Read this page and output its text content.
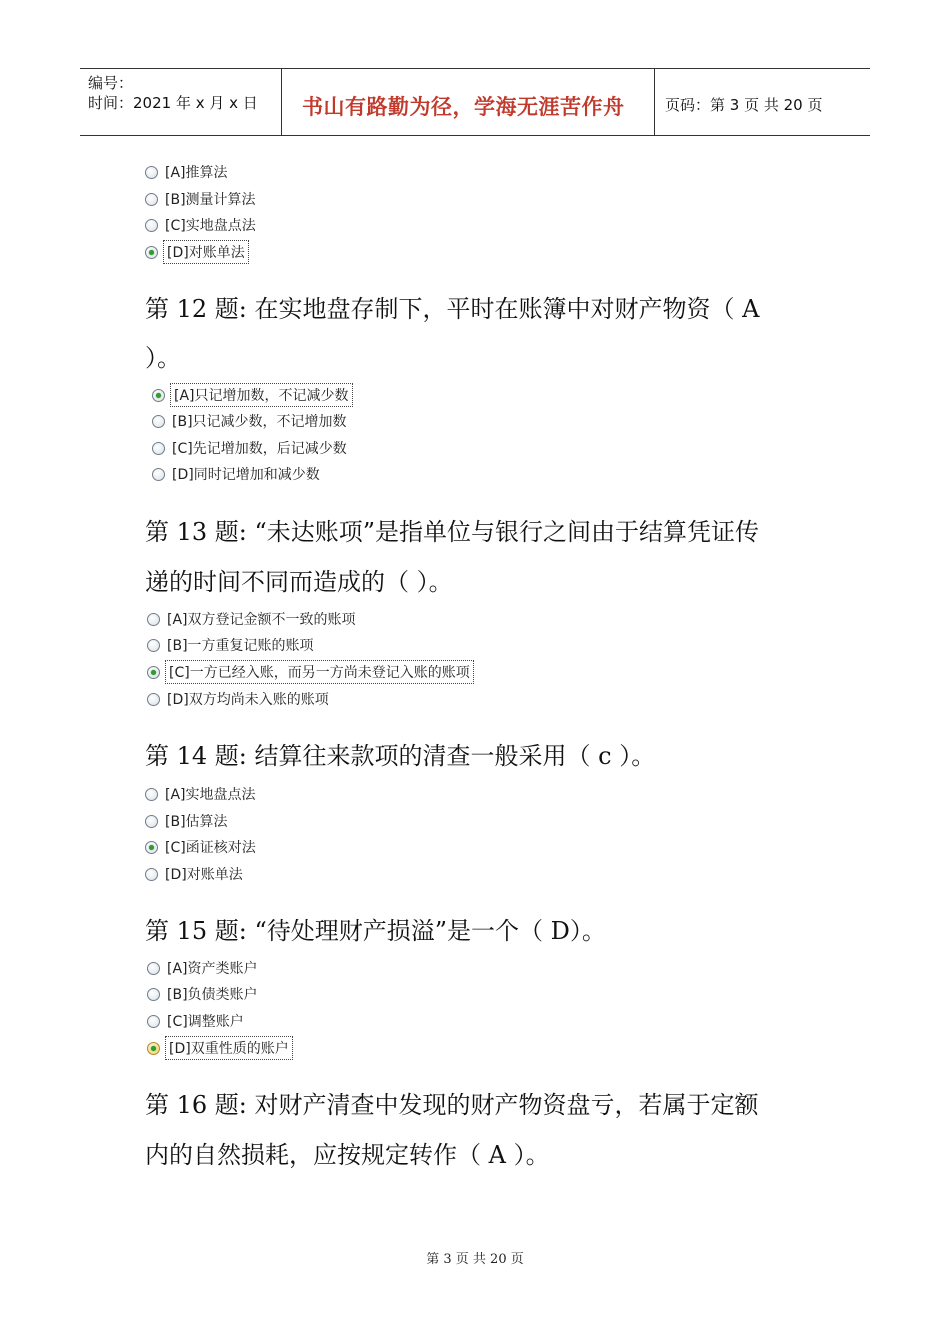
编号：
时间：2021 年 x 月 x 日 书山有路勤为径，学海无涯苦作舟	页码：第 3 页 共 20 页
[A]推算法
[B]测量计算法
[C]实地盘点法
[D]对账单法
第 12 题: 在实地盘存制下，平时在账簿中对财产物资（ A
）。
[A]只记增加数，不记减少数
[B]只记减少数，不记增加数
[C]先记增加数，后记减少数
[D]同时记增加和减少数
第 13 题: “未达账项”是指单位与银行之间由于结算凭证传
递的时间不同而造成的（ ）。
[A]双方登记金额不一致的账项
[B]一方重复记账的账项
[C]一方已经入账，而另一方尚未登记入账的账项
[D]双方均尚未入账的账项
第 14 题: 结算往来款项的清查一般采用（ c ）。
[A]实地盘点法
[B]估算法
[C]函证核对法
[D]对账单法
第 15 题: “待处理财产损溢”是一个（ D）。
[A]资产类账户
[B]负债类账户
[C]调整账户
[D]双重性质的账户
第 16 题: 对财产清查中发现的财产物资盘亏，若属于定额
内的自然损耗，应按规定转作（ A ）。
第 3 页 共 20 页
